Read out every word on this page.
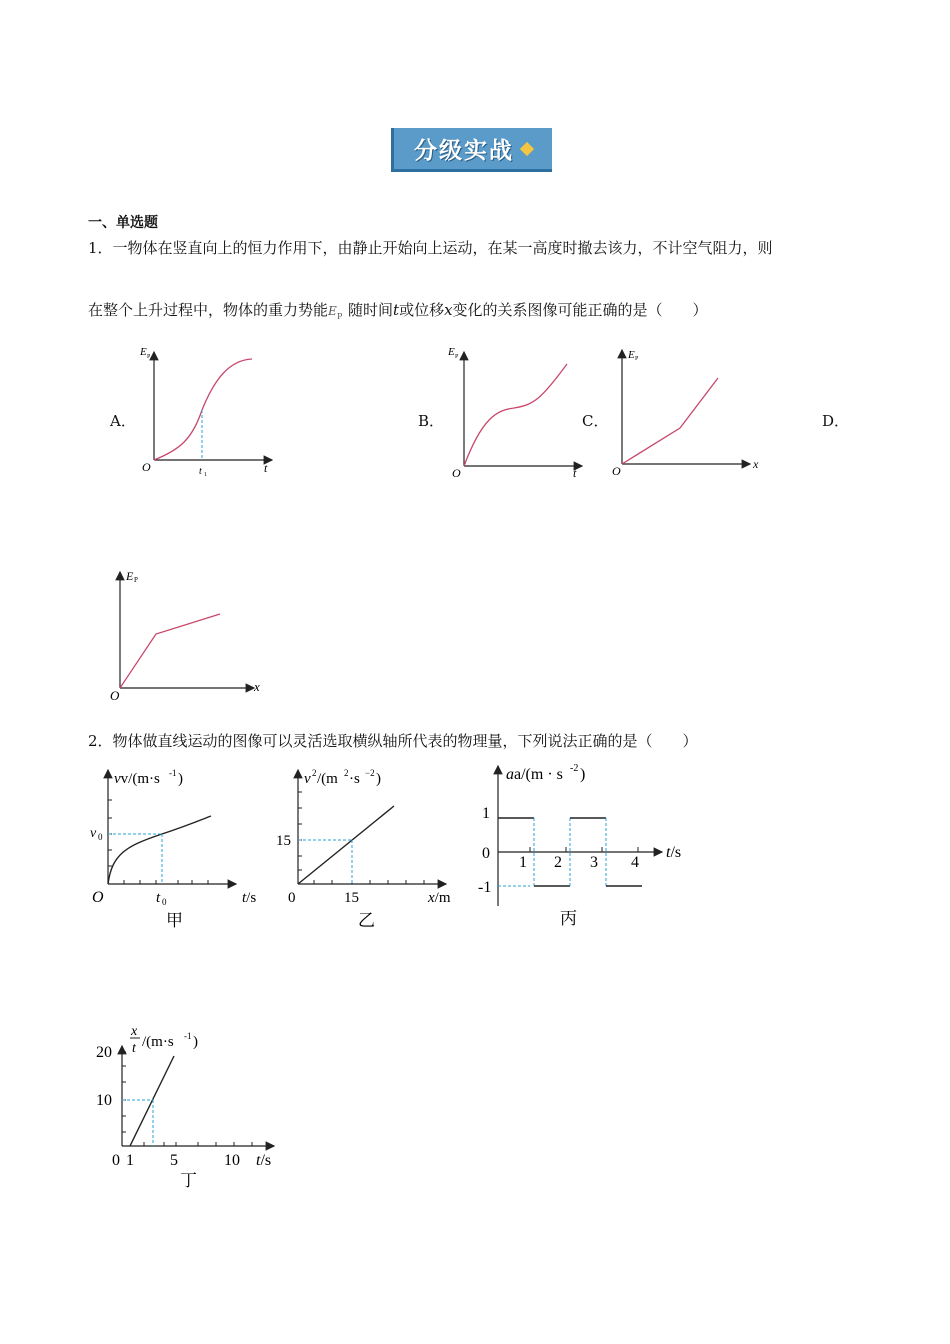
分级实战
一、单选题
1．一物体在竖直向上的恒力作用下，由静止开始向上运动，在某一高度时撤去该力，不计空气阻力，则
在整个上升过程中，物体的重力势能 E P 随时间t或位移x变化的关系图像可能正确的是（　　）
A．	B．	C．	D．
E P
O	t 1	t
E P
O	t
E P
O	x
E P
O
x
2．物体做直线运动的图像可以灵活选取横纵轴所代表的物理量，下列说法正确的是（　　）
vv/(m·s -1 )
v 0
O	t 0	t/s
甲
v 2 /(m 2 ·s −2 )
15
0	15	x/m
乙
aa/(m · s -2 )
1
0
-1
1 2 3 4
t/s
丙
x
t /(m·s -1 )
20
10
0 1 5	10 t/s
丁
